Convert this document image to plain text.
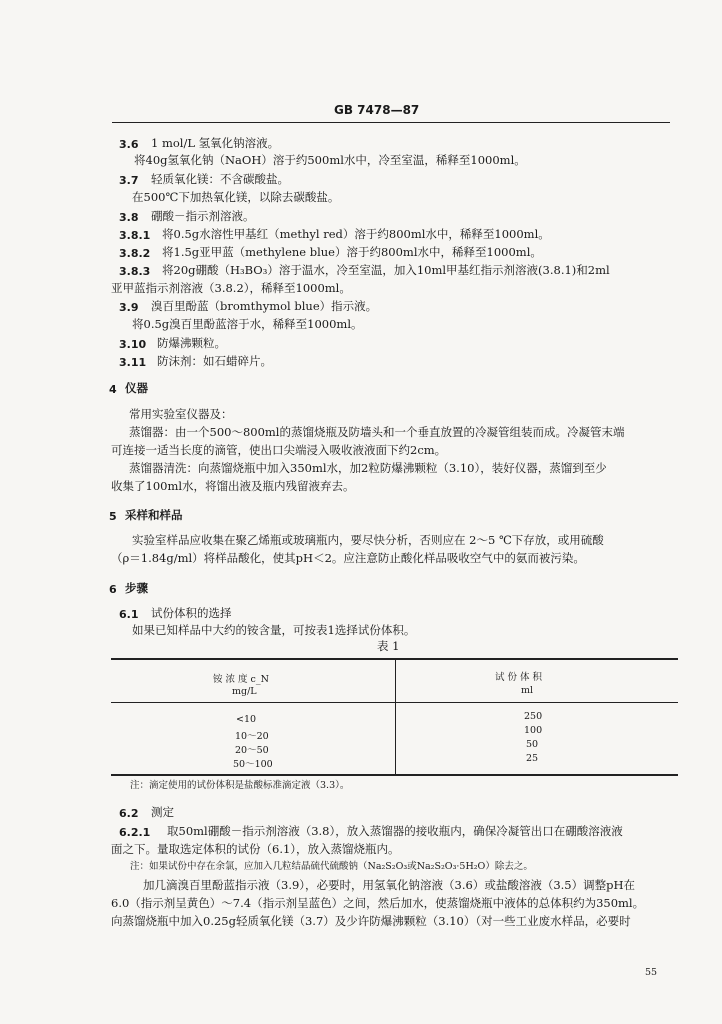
GB 7478—87
3.6 1 mol/L 氢氧化钠溶液。
将40g氢氧化钠（NaOH）溶于约500ml水中，冷至室温，稀释至1000ml。
3.7 轻质氧化镁：不含碳酸盐。
在500℃下加热氧化镁，以除去碳酸盐。
3.8 硼酸－指示剂溶液。
3.8.1 将0.5g水溶性甲基红（methyl red）溶于约800ml水中，稀释至1000ml。
3.8.2 将1.5g亚甲蓝（methylene blue）溶于约800ml水中，稀释至1000ml。
3.8.3 将20g硼酸（H₃BO₃）溶于温水，冷至室温，加入10ml甲基红指示剂溶液(3.8.1)和2ml
亚甲蓝指示剂溶液（3.8.2），稀释至1000ml。
3.9 溴百里酚蓝（bromthymol blue）指示液。
将0.5g溴百里酚蓝溶于水，稀释至1000ml。
3.10 防爆沸颗粒。
3.11 防沫剂：如石蜡碎片。
4 仪器
常用实验室仪器及：
蒸馏器：由一个500～800ml的蒸馏烧瓶及防墙头和一个垂直放置的冷凝管组装而成。冷凝管末端
可连接一适当长度的滴管，使出口尖端浸入吸收液液面下约2cm。
蒸馏器清洗：向蒸馏烧瓶中加入350ml水，加2粒防爆沸颗粒（3.10），装好仪器，蒸馏到至少
收集了100ml水，将馏出液及瓶内残留液弃去。
5 采样和样品
实验室样品应收集在聚乙烯瓶或玻璃瓶内，要尽快分析，否则应在 2～5 ℃下存放，或用硫酸
（ρ＝1.84g/ml）将样品酸化，使其pH＜2。应注意防止酸化样品吸收空气中的氨而被污染。
6 步骤
6.1 试份体积的选择
如果已知样品中大约的铵含量，可按表1选择试份体积。
表 1
铵 浓 度 c_N
mg/L
试 份 体 积
ml
<10	250
10～20
100
20～50
50
50～100
25
注：滴定使用的试份体积是盐酸标准滴定液（3.3）。
6.2 测定
6.2.1 取50ml硼酸－指示剂溶液（3.8），放入蒸馏器的接收瓶内，确保冷凝管出口在硼酸溶液液
面之下。量取选定体积的试份（6.1），放入蒸馏烧瓶内。
注：如果试份中存在余氯，应加入几粒结晶硫代硫酸钠（Na₂S₂O₃或Na₂S₂O₃·5H₂O）除去之。
加几滴溴百里酚蓝指示液（3.9），必要时，用氢氧化钠溶液（3.6）或盐酸溶液（3.5）调整pH在
6.0（指示剂呈黄色）～7.4（指示剂呈蓝色）之间，然后加水，使蒸馏烧瓶中液体的总体积约为350ml。
向蒸馏烧瓶中加入0.25g轻质氧化镁（3.7）及少许防爆沸颗粒（3.10）（对一些工业废水样品，必要时
55
